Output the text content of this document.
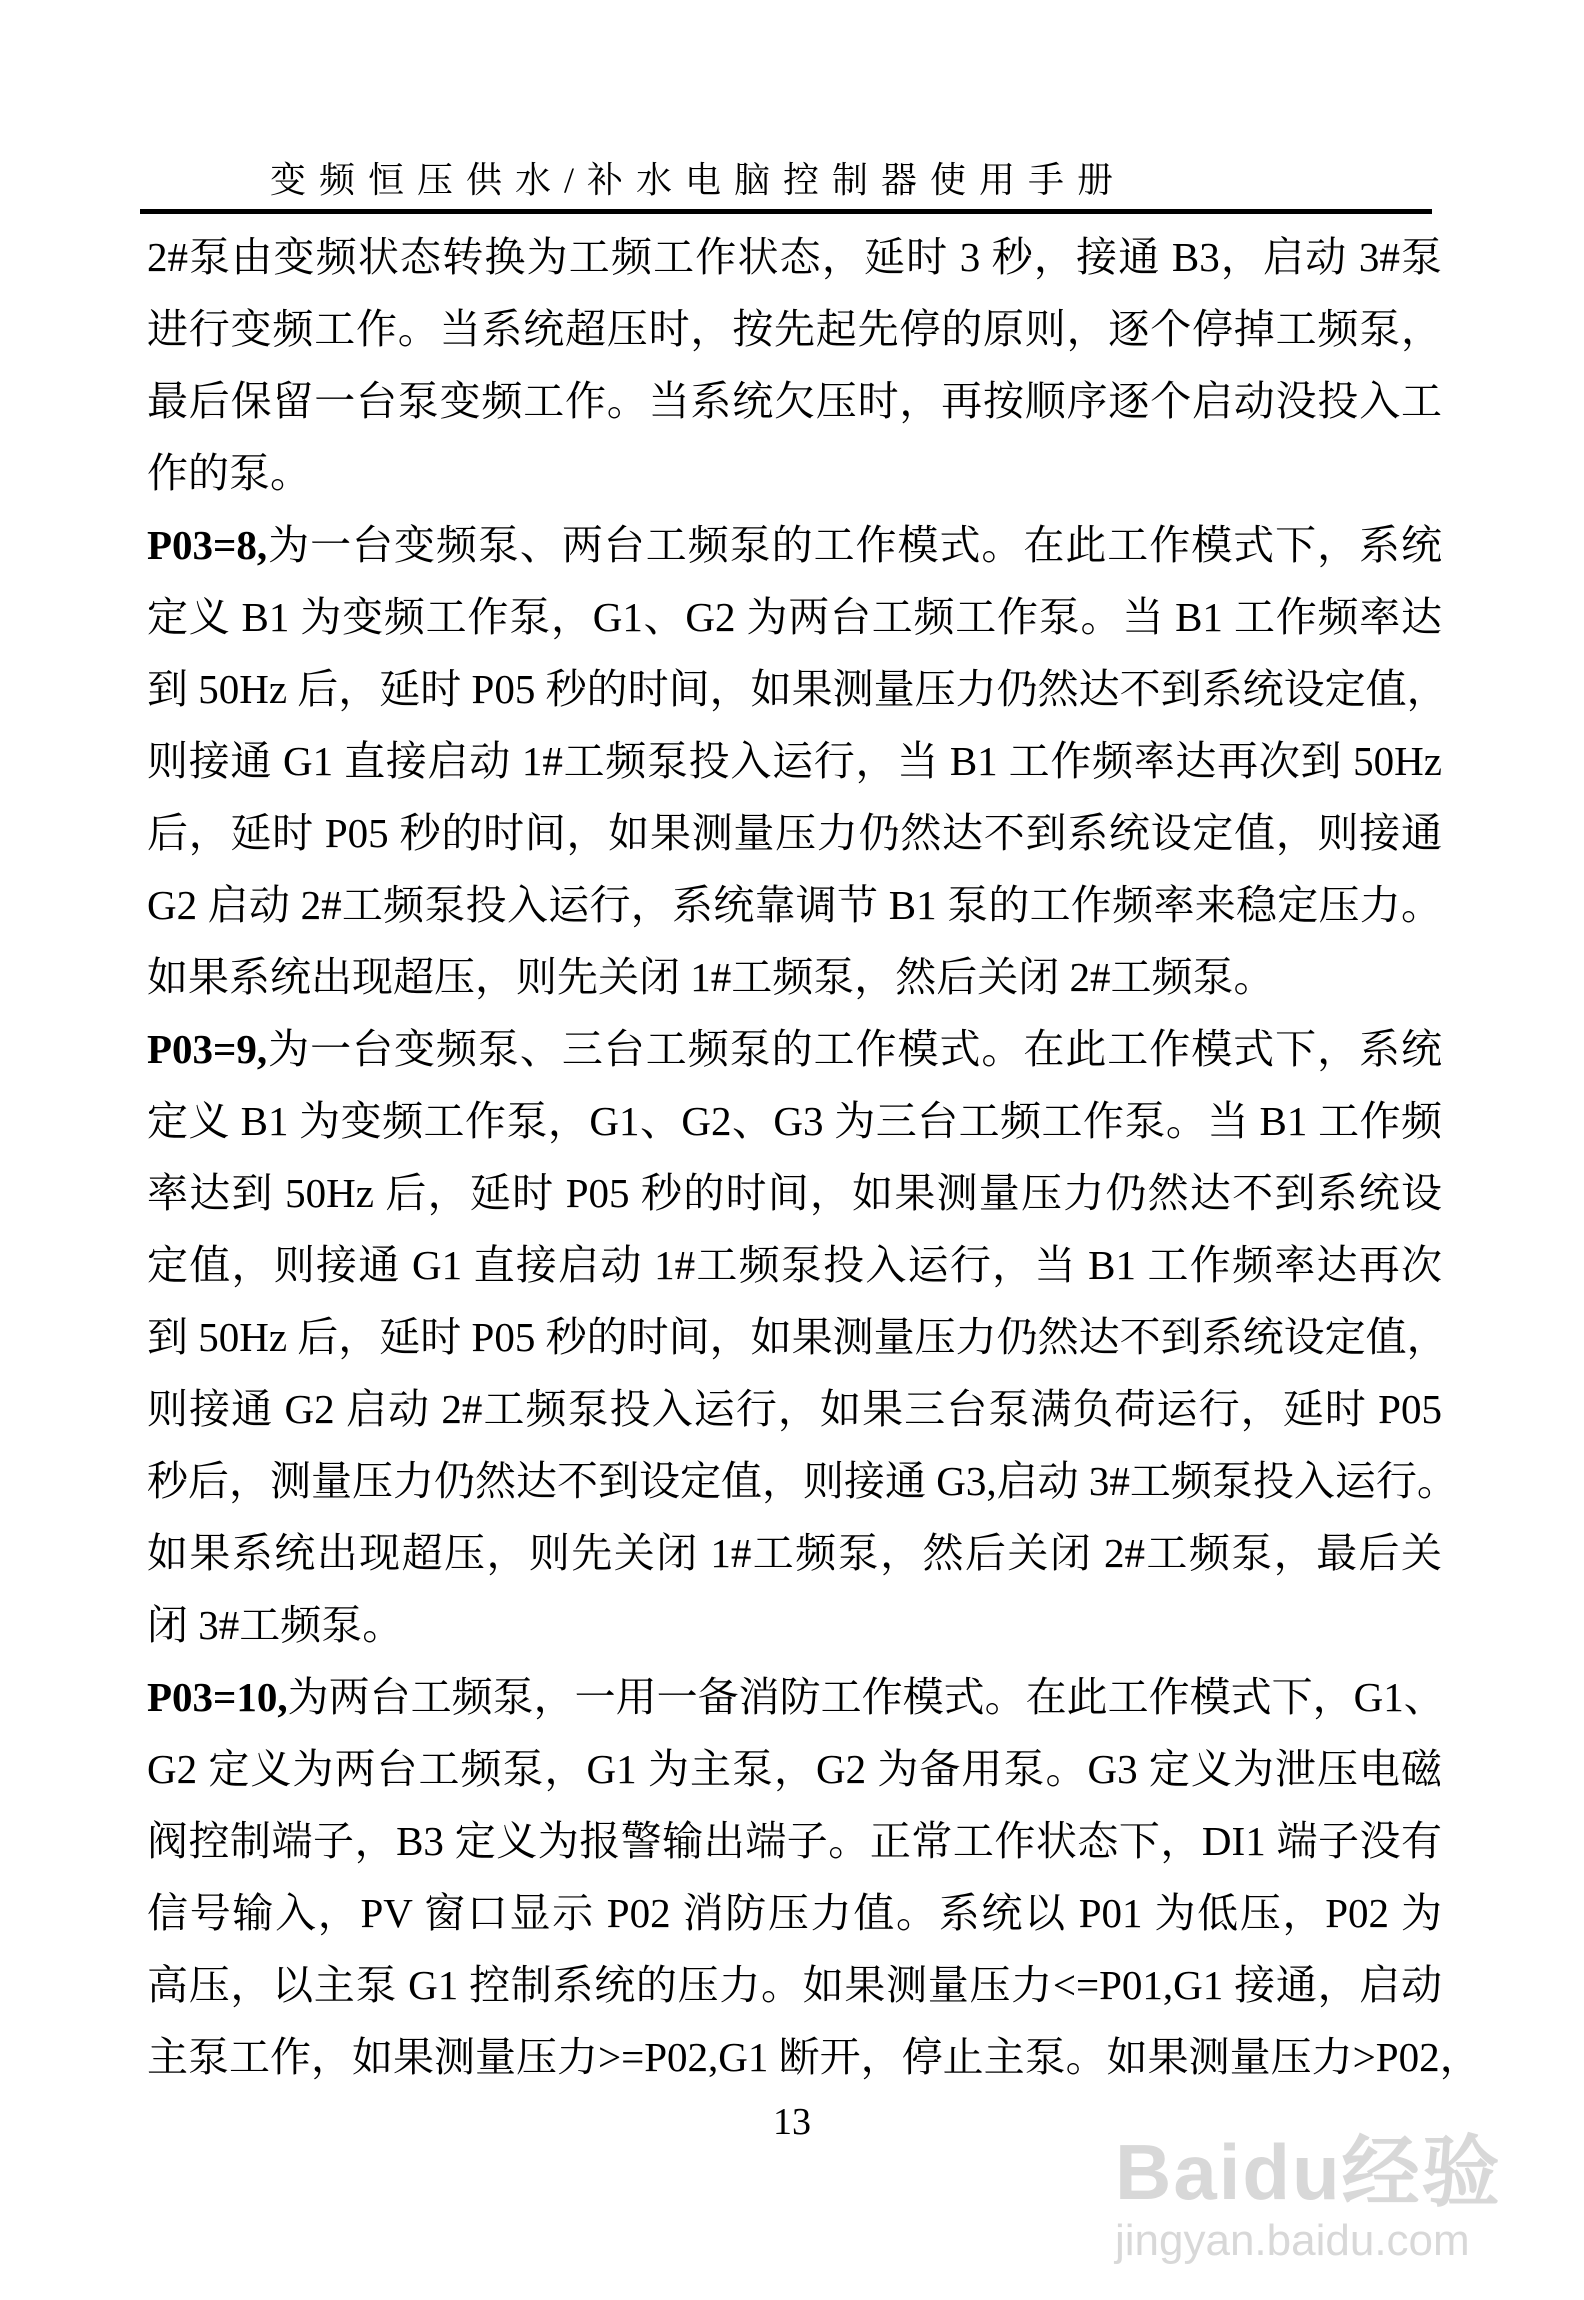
变频恒压供水/补水电脑控制器使用手册
2#泵由变频状态转换为工频工作状态，延时 3 秒，接通 B3，启动 3#泵
进行变频工作。当系统超压时，按先起先停的原则，逐个停掉工频泵，
最后保留一台泵变频工作。当系统欠压时，再按顺序逐个启动没投入工
作的泵。
P03=8,为一台变频泵、两台工频泵的工作模式。在此工作模式下，系统
定义 B1 为变频工作泵，G1、G2 为两台工频工作泵。当 B1 工作频率达
到 50Hz 后，延时 P05 秒的时间，如果测量压力仍然达不到系统设定值，
则接通 G1 直接启动 1#工频泵投入运行，当 B1 工作频率达再次到 50Hz
后，延时 P05 秒的时间，如果测量压力仍然达不到系统设定值，则接通
G2 启动 2#工频泵投入运行，系统靠调节 B1 泵的工作频率来稳定压力。
如果系统出现超压，则先关闭 1#工频泵，然后关闭 2#工频泵。
P03=9,为一台变频泵、三台工频泵的工作模式。在此工作模式下，系统
定义 B1 为变频工作泵，G1、G2、G3 为三台工频工作泵。当 B1 工作频
率达到 50Hz 后，延时 P05 秒的时间，如果测量压力仍然达不到系统设
定值，则接通 G1 直接启动 1#工频泵投入运行，当 B1 工作频率达再次
到 50Hz 后，延时 P05 秒的时间，如果测量压力仍然达不到系统设定值，
则接通 G2 启动 2#工频泵投入运行，如果三台泵满负荷运行，延时 P05
秒后，测量压力仍然达不到设定值，则接通 G3,启动 3#工频泵投入运行。
如果系统出现超压，则先关闭 1#工频泵，然后关闭 2#工频泵，最后关
闭 3#工频泵。
P03=10,为两台工频泵，一用一备消防工作模式。在此工作模式下，G1、
G2 定义为两台工频泵，G1 为主泵，G2 为备用泵。G3 定义为泄压电磁
阀控制端子，B3 定义为报警输出端子。正常工作状态下，DI1 端子没有
信号输入，PV 窗口显示 P02 消防压力值。系统以 P01 为低压，P02 为
高压，以主泵 G1 控制系统的压力。如果测量压力<=P01,G1 接通，启动
主泵工作，如果测量压力>=P02,G1 断开，停止主泵。如果测量压力>P02，
13
Baidu经验
jingyan.baidu.com
